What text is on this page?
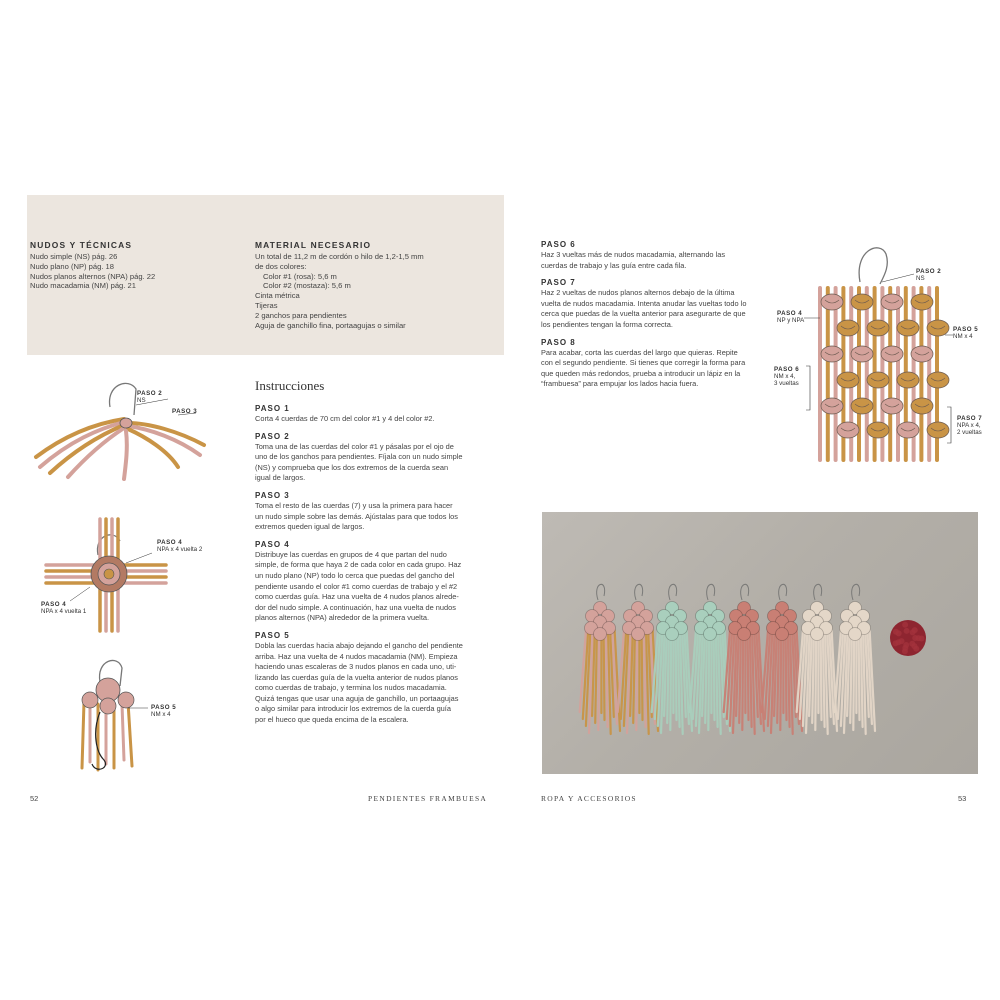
NUDOS Y TÉCNICAS
Nudo simple (NS) pág. 26
Nudo plano (NP) pág. 18
Nudos planos alternos (NPA) pág. 22
Nudo macadamia (NM) pág. 21
MATERIAL NECESARIO
Un total de 11,2 m de cordón o hilo de 1,2-1,5 mm
de dos colores:
Color #1 (rosa): 5,6 m
Color #2 (mostaza): 5,6 m
Cinta métrica
Tijeras
2 ganchos para pendientes
Aguja de ganchillo fina, portaagujas o similar
Instrucciones
PASO 1
Corta 4 cuerdas de 70 cm del color #1 y 4 del color #2.
PASO 2
Toma una de las cuerdas del color #1 y pásalas por el ojo de
uno de los ganchos para pendientes. Fíjala con un nudo simple
(NS) y comprueba que los dos extremos de la cuerda sean
igual de largos.
PASO 3
Toma el resto de las cuerdas (7) y usa la primera para hacer
un nudo simple sobre las demás. Ajústalas para que todos los
extremos queden igual de largos.
PASO 4
Distribuye las cuerdas en grupos de 4 que partan del nudo
simple, de forma que haya 2 de cada color en cada grupo. Haz
un nudo plano (NP) todo lo cerca que puedas del gancho del
pendiente usando el color #1 como cuerdas de trabajo y el #2
como cuerdas guía. Haz una vuelta de 4 nudos planos alrede-
dor del nudo simple. A continuación, haz una vuelta de nudos
planos alternos (NPA) alrededor de la primera vuelta.
PASO 5
Dobla las cuerdas hacia abajo dejando el gancho del pendiente
arriba. Haz una vuelta de 4 nudos macadamia (NM). Empieza
haciendo unas escaleras de 3 nudos planos en cada uno, uti-
lizando las cuerdas guía de la vuelta anterior de nudos planos
como cuerdas de trabajo, y termina los nudos macadamia.
Quizá tengas que usar una aguja de ganchillo, un portaagujas
o algo similar para introducir los extremos de la cuerda guía
por el hueco que queda encima de la escalera.
PASO 2
NS
PASO 3
PASO 4
NPA x 4 vuelta 2
PASO 4
NPA x 4 vuelta 1
PASO 5
NM x 4
52	PENDIENTES FRAMBUESA
PASO 6
Haz 3 vueltas más de nudos macadamia, alternando las
cuerdas de trabajo y las guía entre cada fila.
PASO 7
Haz 2 vueltas de nudos planos alternos debajo de la última
vuelta de nudos macadamia. Intenta anudar las vueltas todo lo
cerca que puedas de la vuelta anterior para asegurarte de que
los pendientes tengan la forma correcta.
PASO 8
Para acabar, corta las cuerdas del largo que quieras. Repite
con el segundo pendiente. Si tienes que corregir la forma para
que queden más redondos, prueba a introducir un lápiz en la
“frambuesa” para empujar los lados hacia fuera.
PASO 2
NS
PASO 4
NP y NPA
PASO 5
NM x 4
PASO 6
NM x 4,
3 vueltas
PASO 7
NPA x 4,
2 vueltas
ROPA Y ACCESORIOS	53
